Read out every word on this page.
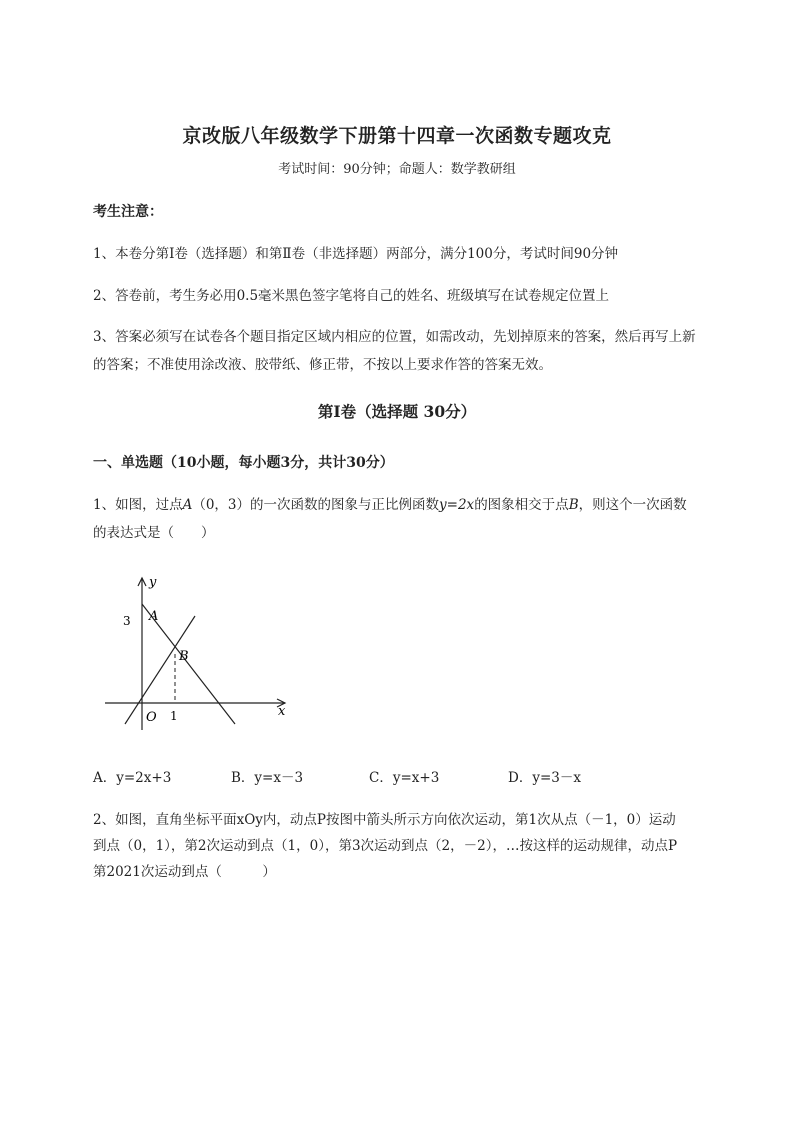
京改版八年级数学下册第十四章一次函数专题攻克
考试时间：90分钟；命题人：数学教研组
考生注意：
1、本卷分第I卷（选择题）和第Ⅱ卷（非选择题）两部分，满分100分，考试时间90分钟
2、答卷前，考生务必用0.5毫米黑色签字笔将自己的姓名、班级填写在试卷规定位置上
3、答案必须写在试卷各个题目指定区域内相应的位置，如需改动，先划掉原来的答案，然后再写上新
的答案；不准使用涂改液、胶带纸、修正带，不按以上要求作答的答案无效。
第I卷（选择题 30分）
一、单选题（10小题，每小题3分，共计30分）
1、如图，过点A（0，3）的一次函数的图象与正比例函数y=2x的图象相交于点B，则这个一次函数
的表达式是（　　）
y
x
O
A
B
3
1
A．y=2x+3	B．y=x－3	C．y=x+3	D．y=3－x
2、如图，直角坐标平面xOy内，动点P按图中箭头所示方向依次运动，第1次从点（－1，0）运动
到点（0，1），第2次运动到点（1，0），第3次运动到点（2，－2），…按这样的运动规律，动点P
第2021次运动到点（　　　）
